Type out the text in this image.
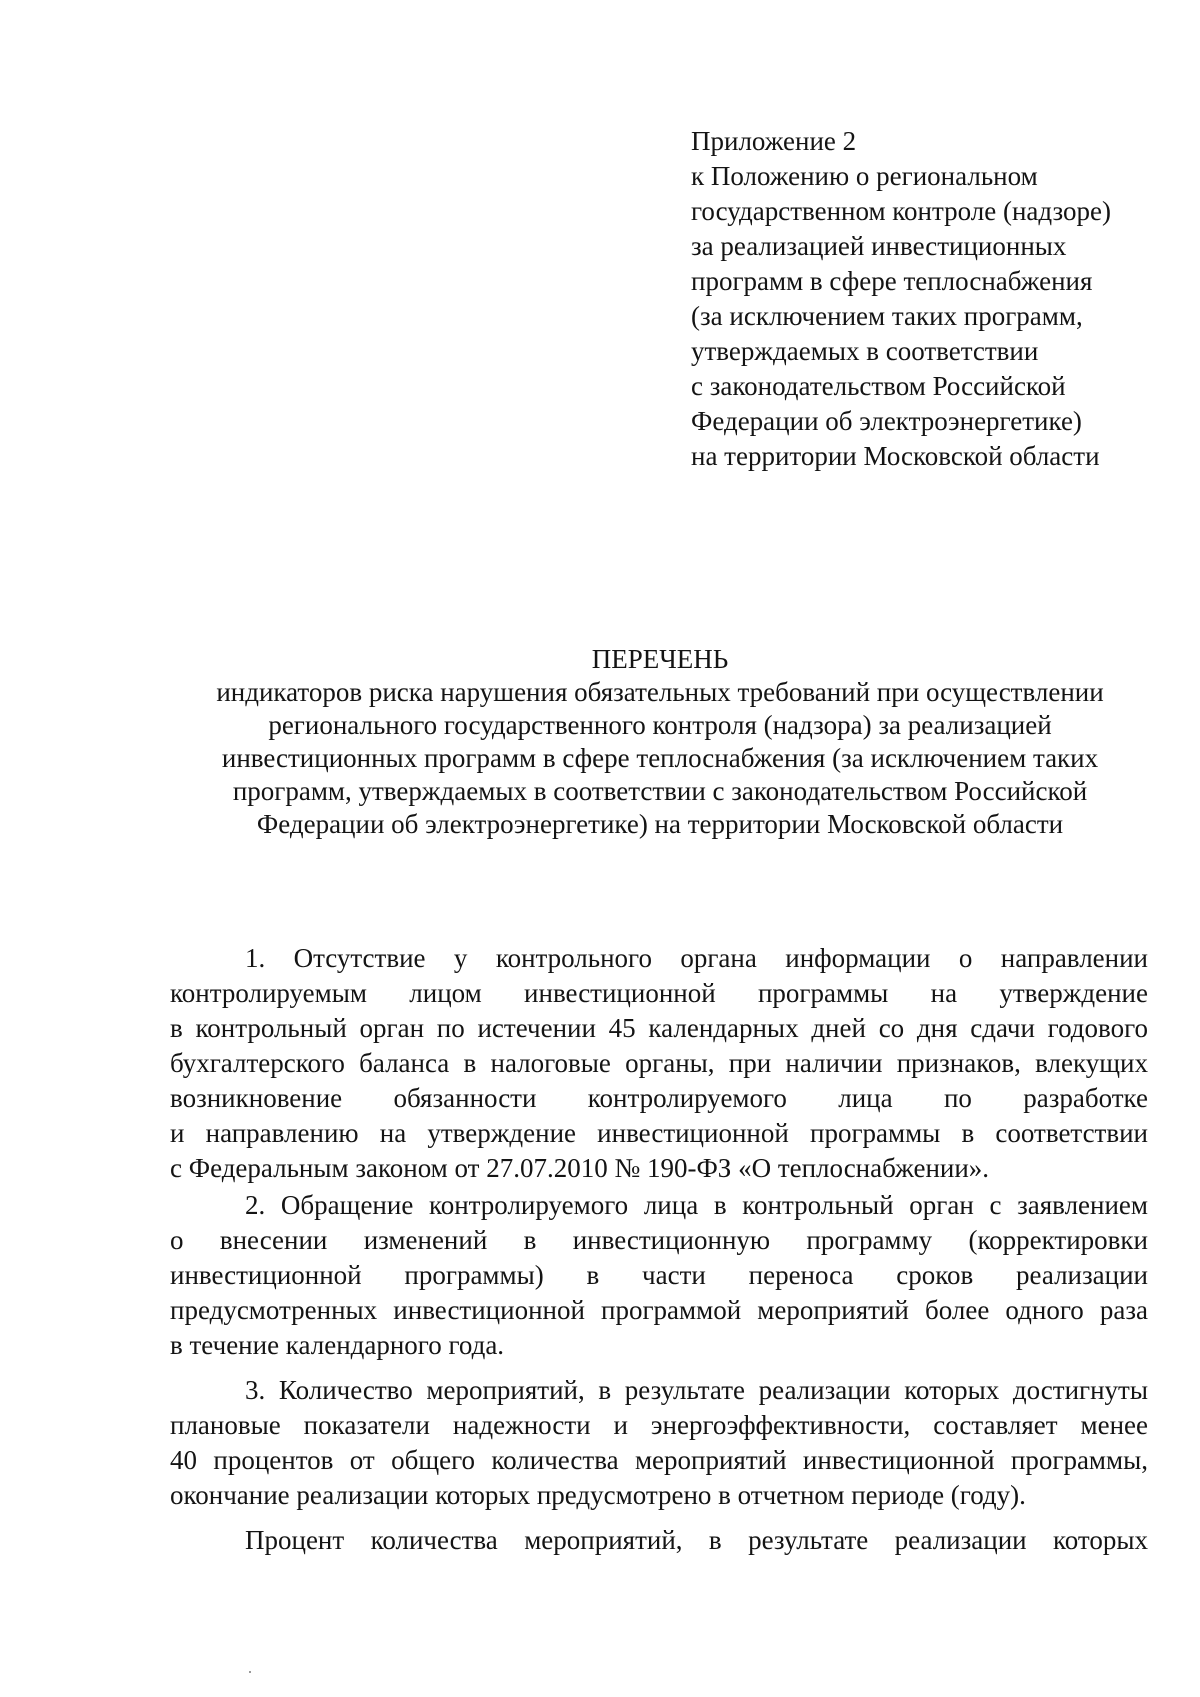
Приложение 2
к Положению о региональном
государственном контроле (надзоре)
за реализацией инвестиционных
программ в сфере теплоснабжения
(за исключением таких программ,
утверждаемых в соответствии
с законодательством Российской
Федерации об электроэнергетике)
на территории Московской области
ПЕРЕЧЕНЬ
индикаторов риска нарушения обязательных требований при осуществлении
регионального государственного контроля (надзора) за реализацией
инвестиционных программ в сфере теплоснабжения (за исключением таких
программ, утверждаемых в соответствии с законодательством Российской
Федерации об электроэнергетике) на территории Московской области
1. Отсутствие у контрольного органа информации о направлении
контролируемым лицом инвестиционной программы на утверждение
в контрольный орган по истечении 45 календарных дней со дня сдачи годового
бухгалтерского баланса в налоговые органы, при наличии признаков, влекущих
возникновение обязанности контролируемого лица по разработке
и направлению на утверждение инвестиционной программы в соответствии
с Федеральным законом от 27.07.2010 № 190-ФЗ «О теплоснабжении».
2. Обращение контролируемого лица в контрольный орган с заявлением
о внесении изменений в инвестиционную программу (корректировки
инвестиционной программы) в части переноса сроков реализации
предусмотренных инвестиционной программой мероприятий более одного раза
в течение календарного года.
3. Количество мероприятий, в результате реализации которых достигнуты
плановые показатели надежности и энергоэффективности, составляет менее
40 процентов от общего количества мероприятий инвестиционной программы,
окончание реализации которых предусмотрено в отчетном периоде (году).
Процент количества мероприятий, в результате реализации которых
